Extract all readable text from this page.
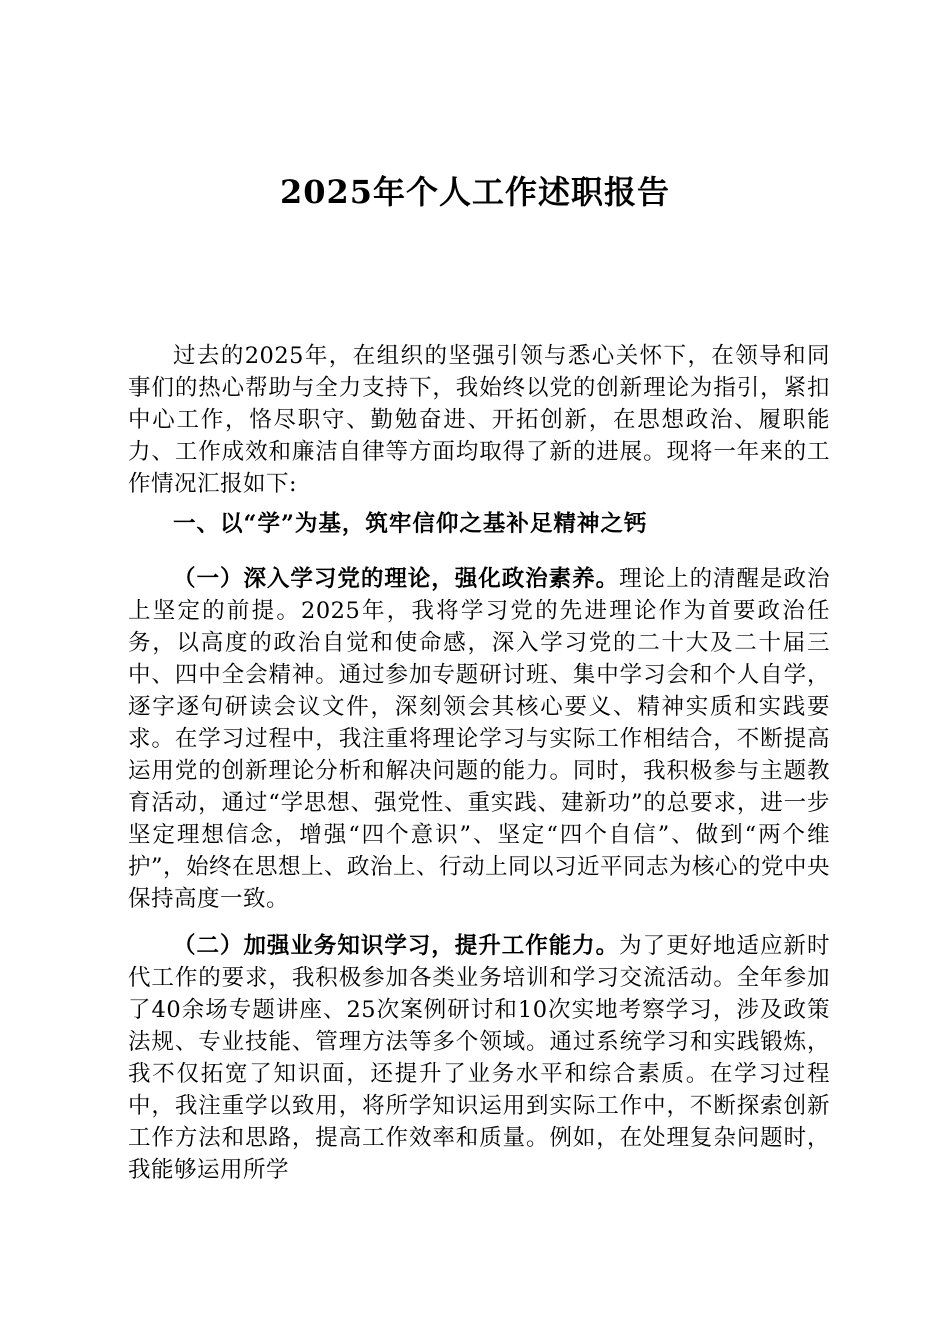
2025年个人工作述职报告

过去的2025年，在组织的坚强引领与悉心关怀下，在领导和同事们的热心帮助与全力支持下，我始终以党的创新理论为指引，紧扣中心工作，恪尽职守、勤勉奋进、开拓创新，在思想政治、履职能力、工作成效和廉洁自律等方面均取得了新的进展。现将一年来的工作情况汇报如下:

一、以“学”为基，筑牢信仰之基补足精神之钙

（一）深入学习党的理论，强化政治素养。理论上的清醒是政治上坚定的前提。2025年，我将学习党的先进理论作为首要政治任务，以高度的政治自觉和使命感，深入学习党的二十大及二十届三中、四中全会精神。通过参加专题研讨班、集中学习会和个人自学，逐字逐句研读会议文件，深刻领会其核心要义、精神实质和实践要求。在学习过程中，我注重将理论学习与实际工作相结合，不断提高运用党的创新理论分析和解决问题的能力。同时，我积极参与主题教育活动，通过“学思想、强党性、重实践、建新功”的总要求，进一步坚定理想信念，增强“四个意识”、坚定“四个自信”、做到“两个维护”，始终在思想上、政治上、行动上同以习近平同志为核心的党中央保持高度一致。

（二）加强业务知识学习，提升工作能力。为了更好地适应新时代工作的要求，我积极参加各类业务培训和学习交流活动。全年参加了40余场专题讲座、25次案例研讨和10次实地考察学习，涉及政策法规、专业技能、管理方法等多个领域。通过系统学习和实践锻炼，我不仅拓宽了知识面，还提升了业务水平和综合素质。在学习过程中，我注重学以致用，将所学知识运用到实际工作中，不断探索创新工作方法和思路，提高工作效率和质量。例如，在处理复杂问题时，我能够运用所学
